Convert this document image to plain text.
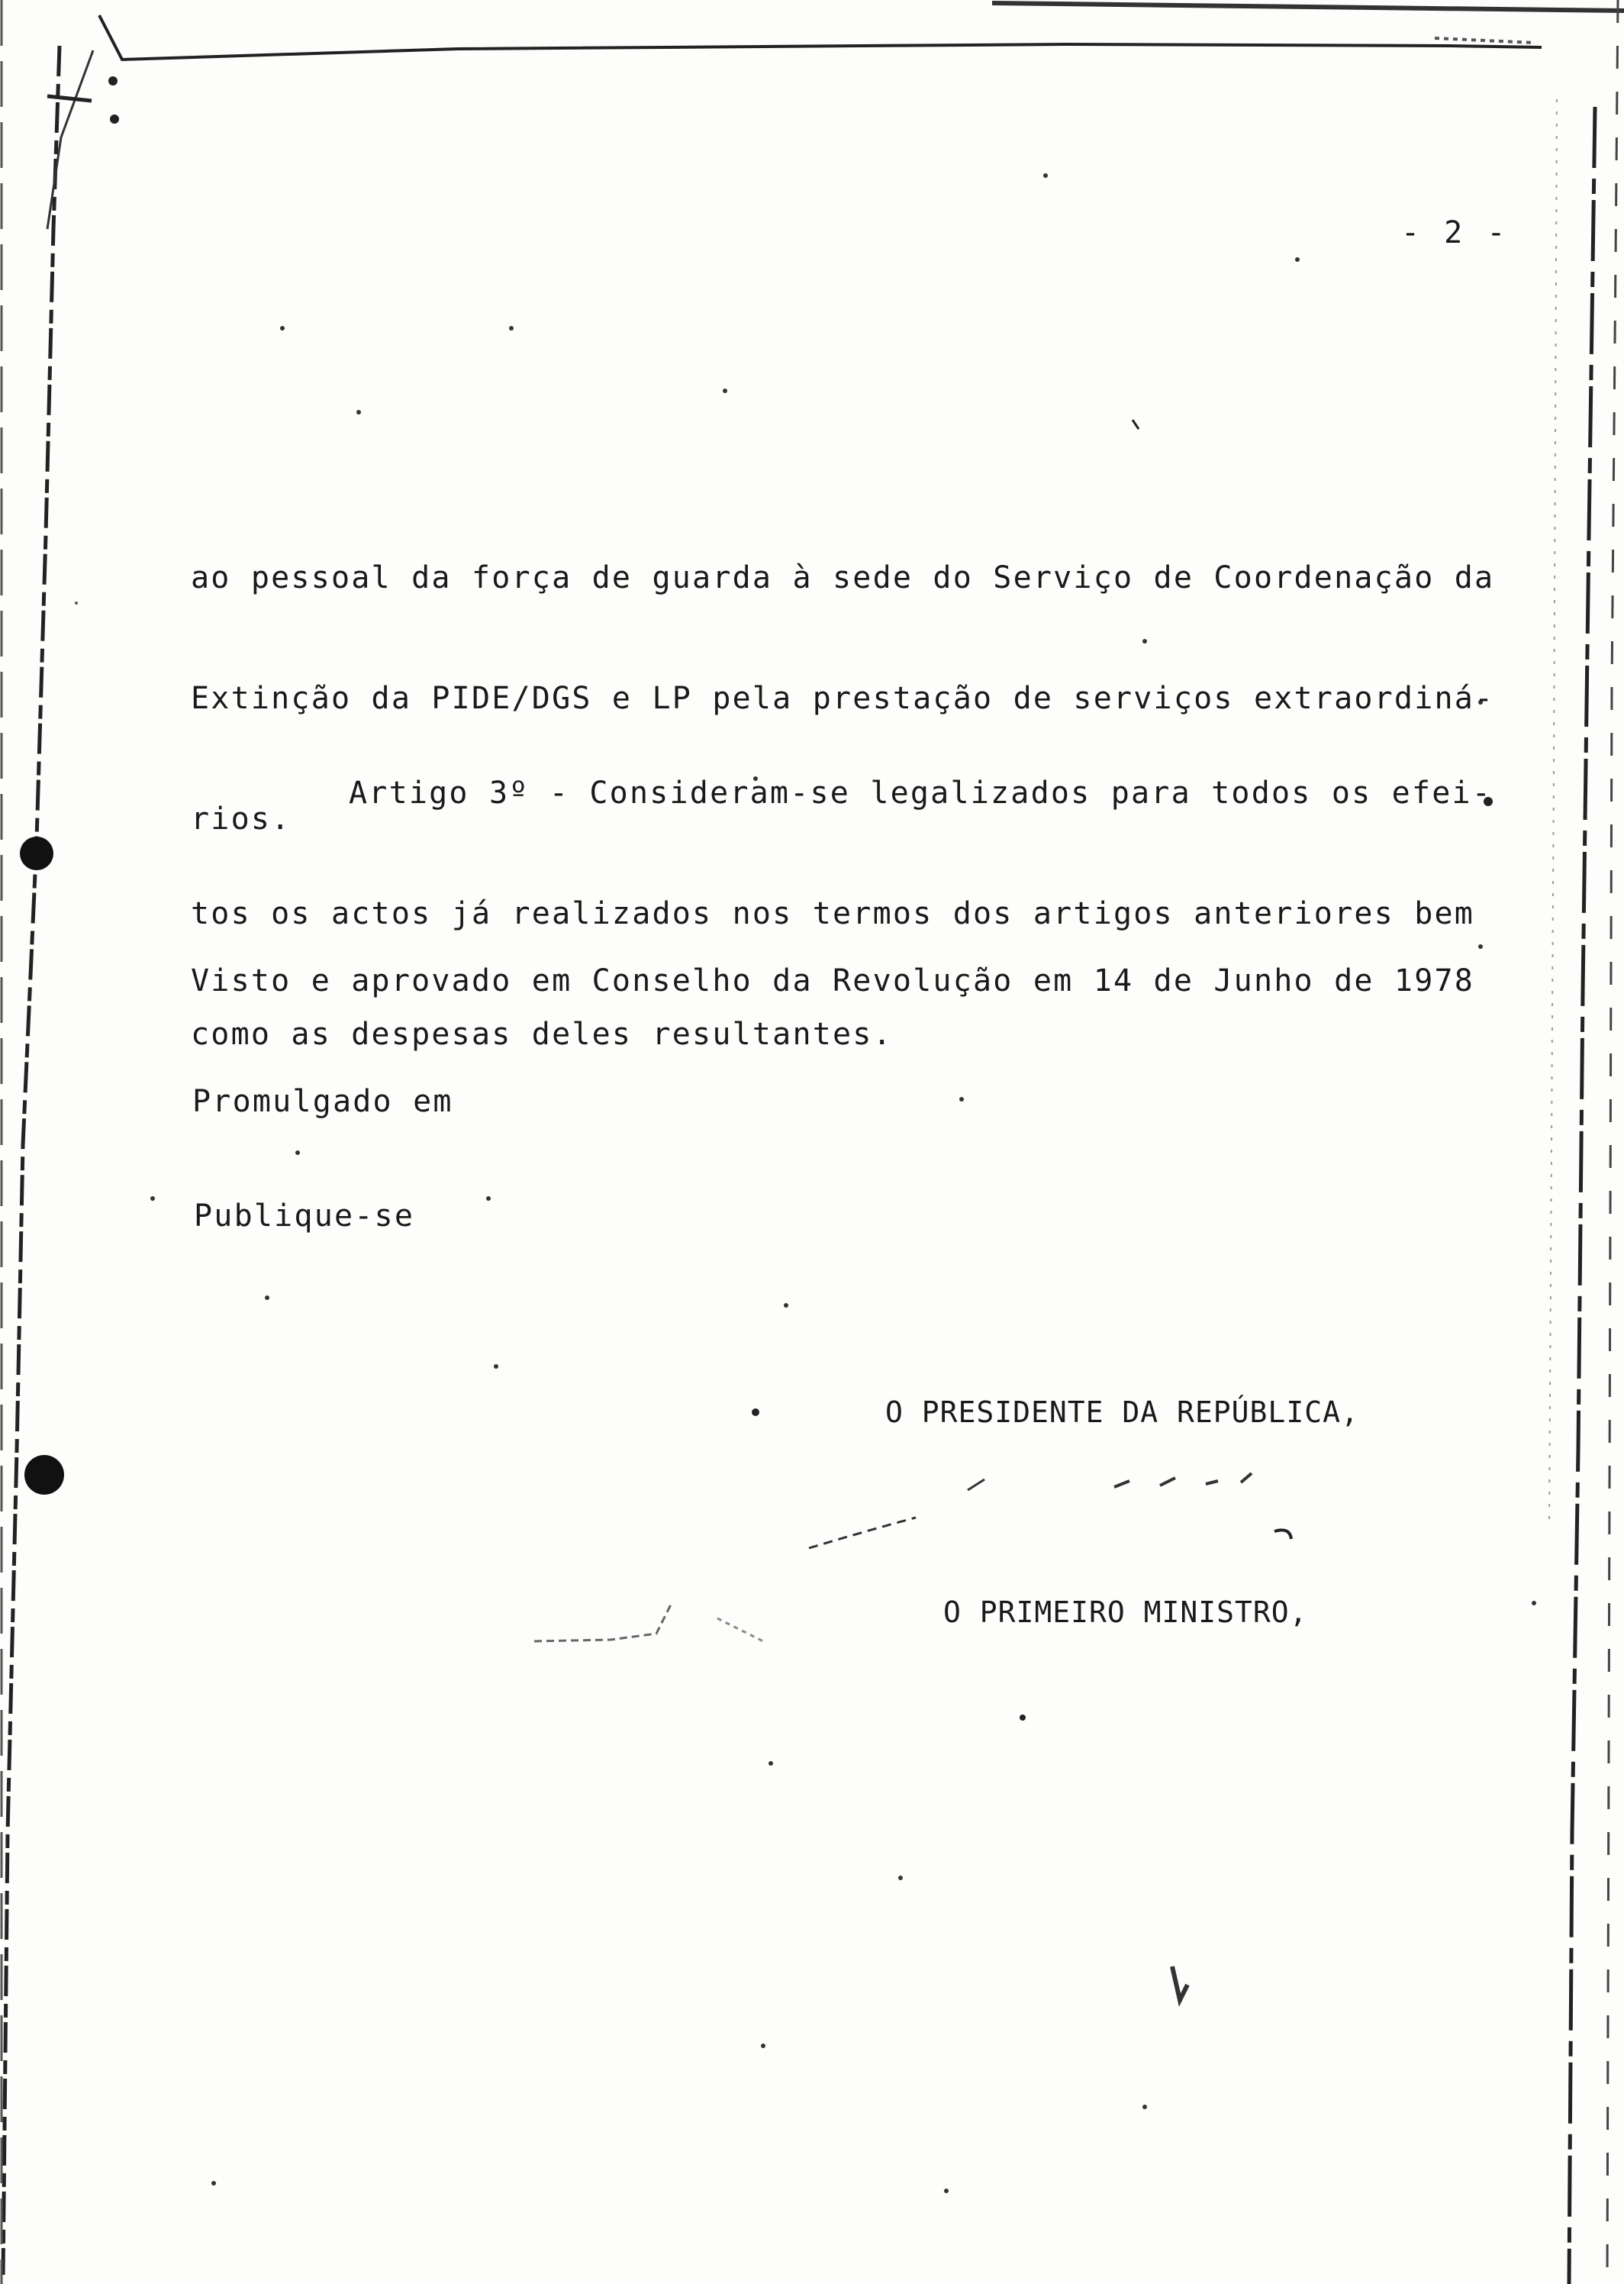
- 2 -

ao pessoal da força de guarda à sede do Serviço de Coordenação da

Extinção da PIDE/DGS e LP pela prestação de serviços extraordiná-

rios.

Artigo 3º - Consideram-se legalizados para todos os efei-

tos os actos já realizados nos termos dos artigos anteriores bem

como as despesas deles resultantes.

Visto e aprovado em Conselho da Revolução em 14 de Junho de 1978
Promulgado em
Publique-se
O PRESIDENTE DA REPÚBLICA,
O PRIMEIRO MINISTRO,
